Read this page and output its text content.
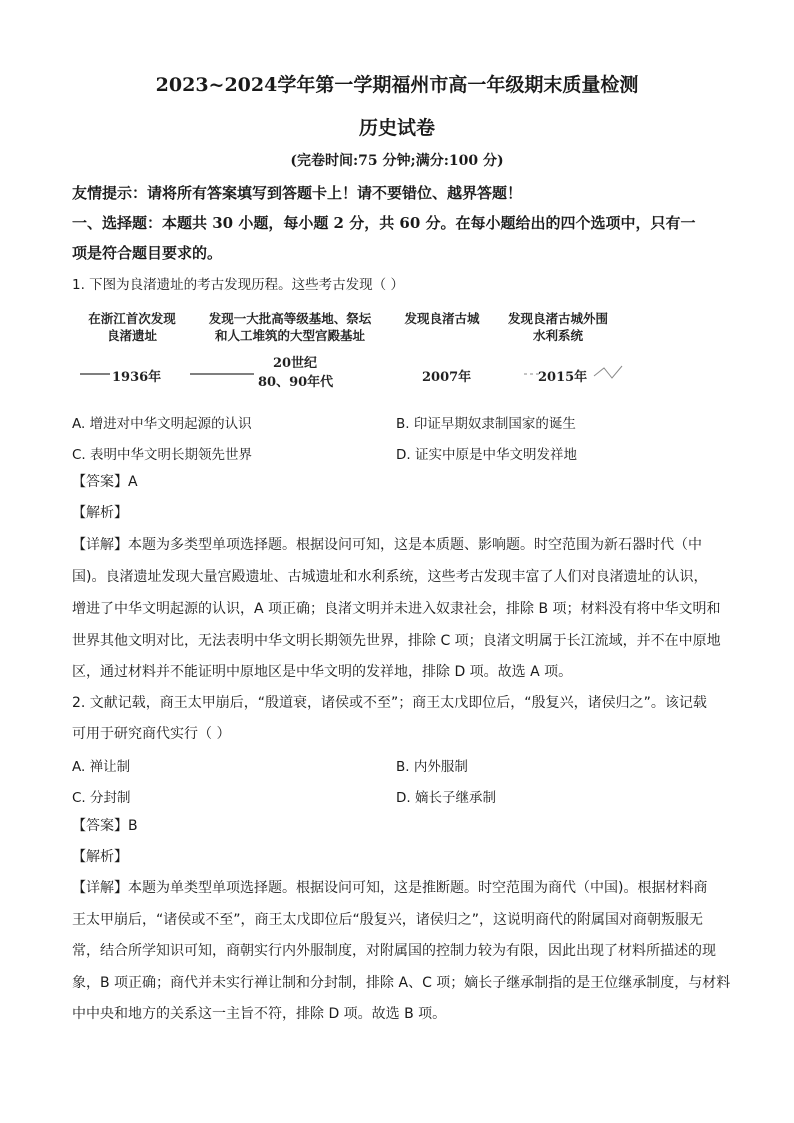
2023~2024学年第一学期福州市高一年级期末质量检测
历史试卷
(完卷时间:75 分钟;满分:100 分)
友情提示：请将所有答案填写到答题卡上！请不要错位、越界答题！
一、选择题：本题共 30 小题，每小题 2 分，共 60 分。在每小题给出的四个选项中，只有一
项是符合题目要求的。
1. 下图为良渚遗址的考古发现历程。这些考古发现（ ）
在浙江首次发现
良渚遗址
1936年
发现一大批高等级基地、祭坛
和人工堆筑的大型宫殿基址
20世纪
80、90年代
发现良渚古城
2007年
发现良渚古城外围
水利系统
2015年
A. 增进对中华文明起源的认识	B. 印证早期奴隶制国家的诞生
C. 表明中华文明长期领先世界	D. 证实中原是中华文明发祥地
【答案】A
【解析】
【详解】本题为多类型单项选择题。根据设问可知，这是本质题、影响题。时空范围为新石器时代（中
国)。良渚遗址发现大量宫殿遗址、古城遗址和水利系统，这些考古发现丰富了人们对良渚遗址的认识，
增进了中华文明起源的认识，A 项正确；良渚文明并未进入奴隶社会，排除 B 项；材料没有将中华文明和
世界其他文明对比，无法表明中华文明长期领先世界，排除 C 项；良渚文明属于长江流域，并不在中原地
区，通过材料并不能证明中原地区是中华文明的发祥地，排除 D 项。故选 A 项。
2. 文献记载，商王太甲崩后，“殷道衰，诸侯或不至”；商王太戊即位后，“殷复兴，诸侯归之”。该记载
可用于研究商代实行（ ）
A. 禅让制	B. 内外服制
C. 分封制	D. 嫡长子继承制
【答案】B
【解析】
【详解】本题为单类型单项选择题。根据设问可知，这是推断题。时空范围为商代（中国)。根据材料商
王太甲崩后，“诸侯或不至”，商王太戊即位后“殷复兴，诸侯归之”，这说明商代的附属国对商朝叛服无
常，结合所学知识可知，商朝实行内外服制度，对附属国的控制力较为有限，因此出现了材料所描述的现
象，B 项正确；商代并未实行禅让制和分封制，排除 A、C 项；嫡长子继承制指的是王位继承制度，与材料
中中央和地方的关系这一主旨不符，排除 D 项。故选 B 项。
